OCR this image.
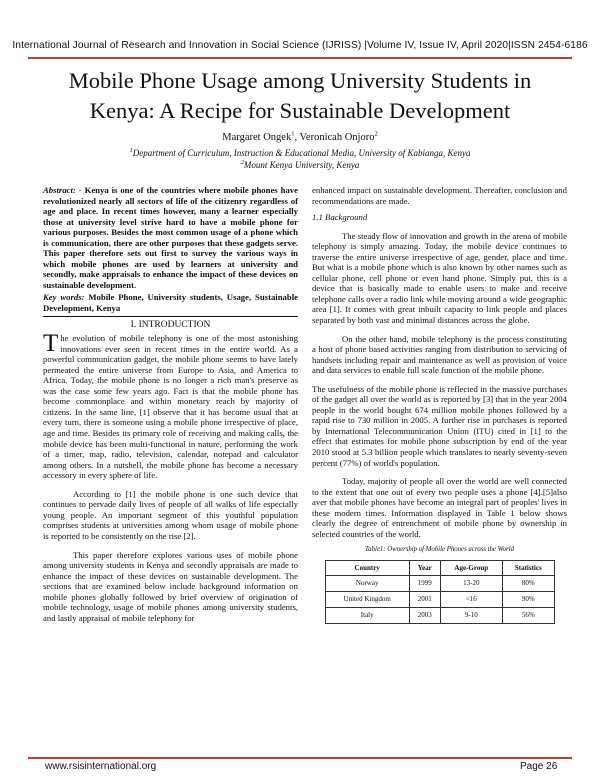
International Journal of Research and Innovation in Social Science (IJRISS) |Volume IV, Issue IV, April 2020|ISSN 2454-6186
Mobile Phone Usage among University Students in
Kenya: A Recipe for Sustainable Development
Margaret Ongek$^1$, Veronicah Onjoro$^2$
$^1$Department of Curriculum, Instruction & Educational Media, University of Kabianga, Kenya
$^2$Mount Kenya University, Kenya

Abstract: - Kenya is one of the countries where mobile phones have revolutionized nearly all sectors of life of the citizenry regardless of age and place. In recent times however, many a learner especially those at university level strive hard to have a mobile phone for various purposes. Besides the most common usage of a phone which is communication, there are other purposes that these gadgets serve. This paper therefore sets out first to survey the various ways in which mobile phones are used by learners at university and secondly, make appraisals to enhance the impact of these devices on sustainable development.

Key words: Mobile Phone, University students, Usage, Sustainable Development, Kenya

I. INTRODUCTION

The evolution of mobile telephony is one of the most astonishing innovations ever seen in recent times in the entire world. As a powerful communication gadget, the mobile phone seems to have lately permeated the entire universe from Europe to Asia, and America to Africa. Today, the mobile phone is no longer a rich man's preserve as was the case some few years ago. Fact is that the mobile phone has become commonplace and within monetary reach by majority of citizens. In the same line, [1] observe that it has become usual that at every turn, there is someone using a mobile phone irrespective of place, age and time. Besides its primary role of receiving and making calls, the mobile device has been multi-functional in nature, performing the work of a timer, map, radio, television, calendar, notepad and calculator among others. In a nutshell, the mobile phone has become a necessary accessory in every sphere of life.

According to [1] the mobile phone is one such device that continues to pervade daily lives of people of all walks of life especially young people. An important segment of this youthful population comprises students at universities among whom usage of mobile phone is reported to be consistently on the rise [2].

This paper therefore explores various uses of mobile phone among university students in Kenya and secondly appraisals are made to enhance the impact of these devices on sustainable development. The sections that are examined below include background information on mobile phones globally followed by brief overview of origination of mobile technology, usage of mobile phones among university students, and lastly appraisal of mobile telephony for

enhanced impact on sustainable development. Thereafter, conclusion and recommendations are made.

1.1 Background

The steady flow of innovation and growth in the arena of mobile telephony is simply amazing. Today, the mobile device continues to traverse the entire universe irrespective of age, gender, place and time. But what is a mobile phone which is also known by other names such as cellular phone, cell phone or even hand phone. Simply put, this is a device that is basically made to enable users to make and receive telephone calls over a radio link while moving around a wide geographic area [1]. It comes with great inbuilt capacity to link people and places separated by both vast and minimal distances across the globe.

On the other hand, mobile telephony is the process constituting a host of phone based activities ranging from distribution to servicing of handsets including repair and maintenance as well as provision of voice and data services to enable full scale function of the mobile phone.

The usefulness of the mobile phone is reflected in the massive purchases of the gadget all over the world as is reported by [3] that in the year 2004 people in the world bought 674 million mobile phones followed by a rapid rise to 730 million in 2005. A further rise in purchases is reported by International Telecommunication Union (ITU) cited in [1] to the effect that estimates for mobile phone subscription by end of the year 2010 stood at 5.3 billion people which translates to nearly seventy-seven percent (77%) of world's population.

Today, majority of people all over the world are well connected to the extent that one out of every two people uses a phone [4].[5]also aver that mobile phones have become an integral part of peoples' lives in these modern times. Information displayed in Table 1 below shows clearly the degree of entrenchment of mobile phone by ownership in selected countries of the world.

Table1: Ownership of Mobile Phones across the World

Country	Year	Age-Group	Statistics
Norway	1999	13-20	80%
United Kingdom	2001	<16	90%
Italy	2003	9-10	56%
www.rsisinternational.org	Page 26
